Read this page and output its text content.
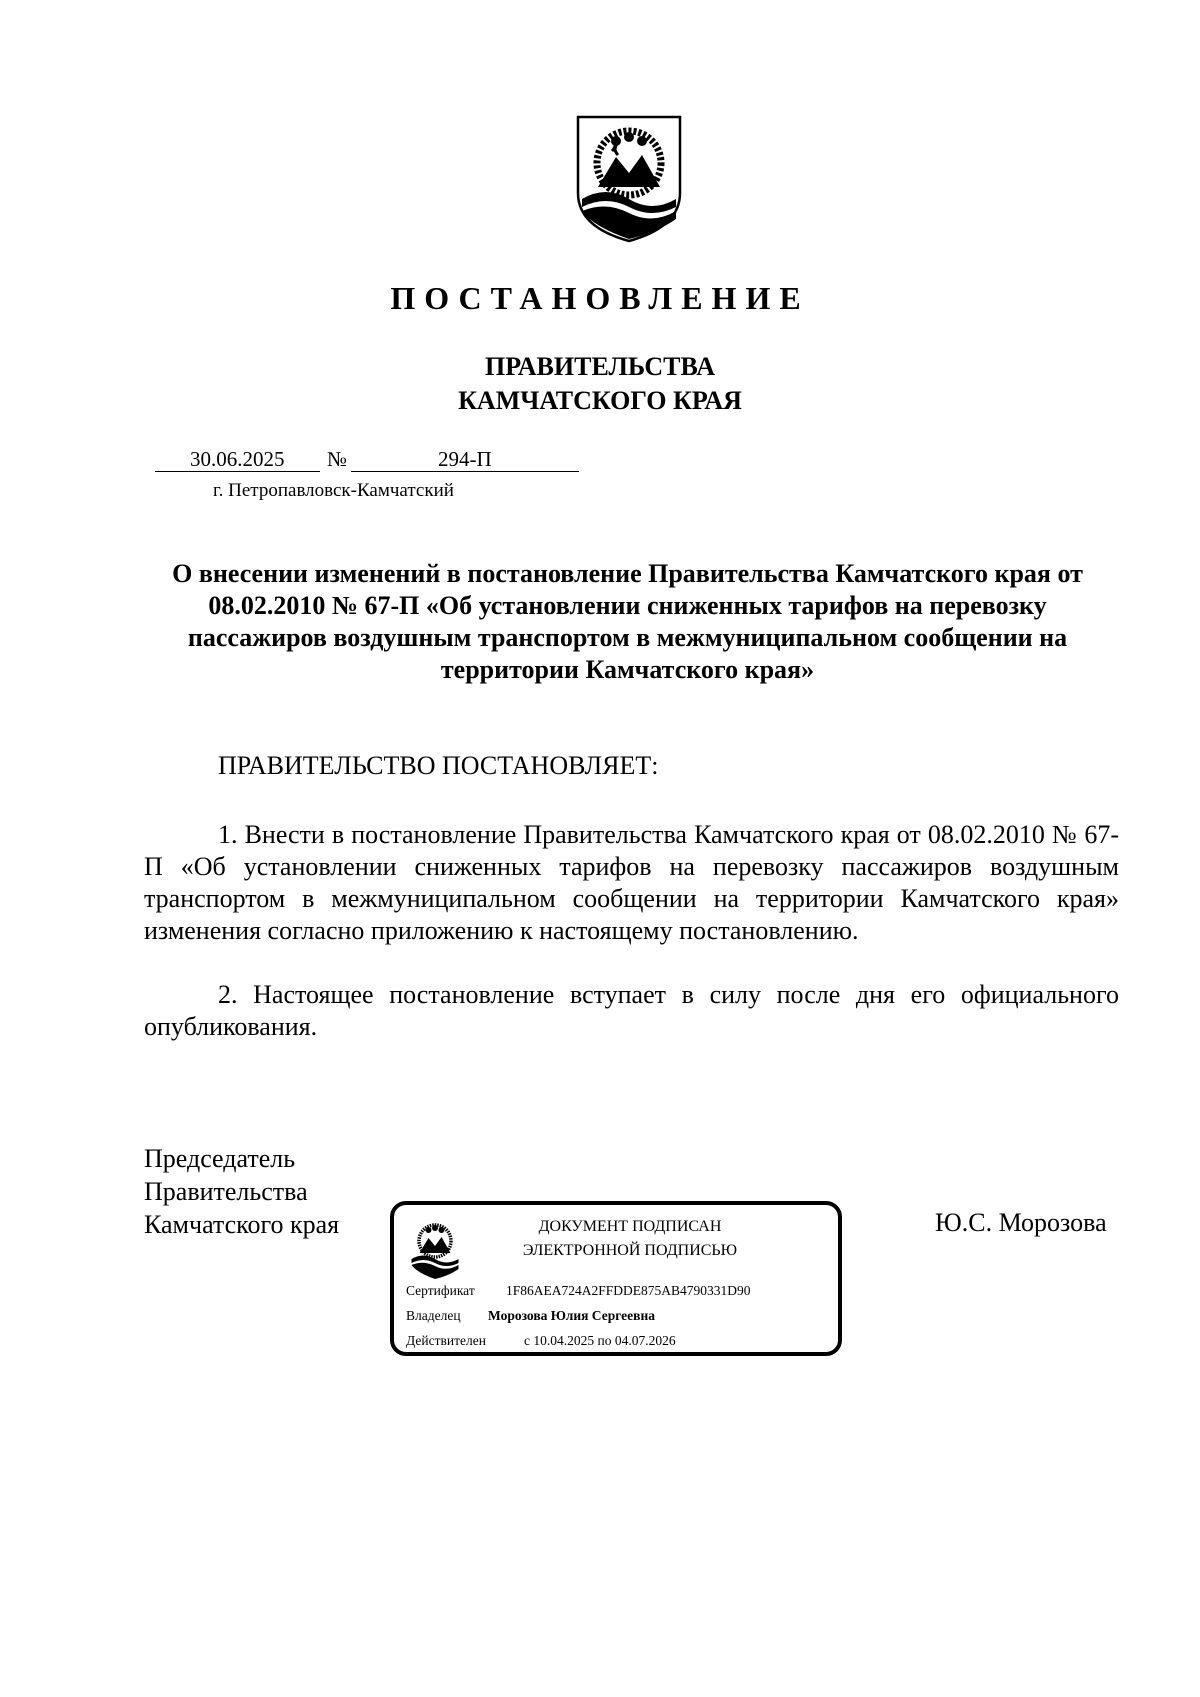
ПОСТАНОВЛЕНИЕ
ПРАВИТЕЛЬСТВА
КАМЧАТСКОГО КРАЯ
30.06.2025 №	294-П
г. Петропавловск-Камчатский
О внесении изменений в постановление Правительства Камчатского края от 08.02.2010 № 67-П «Об установлении сниженных тарифов на перевозку пассажиров воздушным транспортом в межмуниципальном сообщении на территории Камчатского края»
ПРАВИТЕЛЬСТВО ПОСТАНОВЛЯЕТ:
1. Внести в постановление Правительства Камчатского края от 08.02.2010 № 67-П «Об установлении сниженных тарифов на перевозку пассажиров воздушным транспортом в межмуниципальном сообщении на территории Камчатского края» изменения согласно приложению к настоящему постановлению.
2. Настоящее постановление вступает в силу после дня его официального опубликования.
Председатель
Правительства
Камчатского края	Ю.С. Морозова
ДОКУМЕНТ ПОДПИСАН
ЭЛЕКТРОННОЙ ПОДПИСЬЮ
Сертификат 1F86AEA724A2FFDDE875AB4790331D90
Владелец Морозова Юлия Сергеевна
Действителен	с 10.04.2025 по 04.07.2026
